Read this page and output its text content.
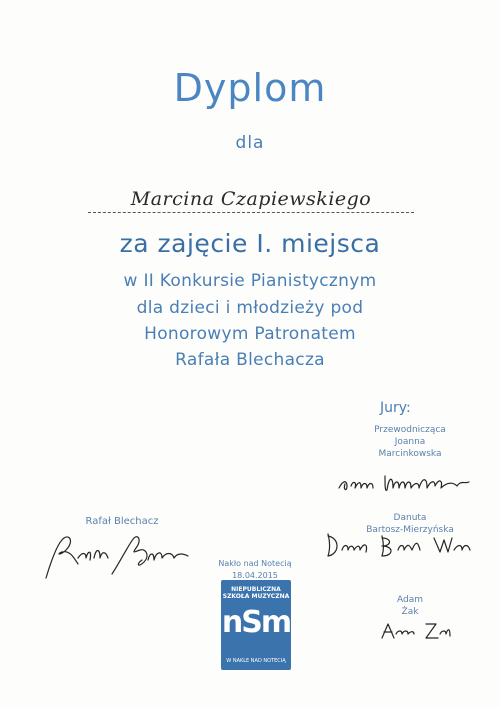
Dyplom
dla
Marcina Czapiewskiego
za zajęcie I. miejsca
w II Konkursie Pianistycznym
dla dzieci i młodzieży pod
Honorowym Patronatem
Rafała Blechacza
Jury:
Przewodnicząca
Joanna
Marcinkowska
Danuta
Bartosz-Mierzyńska
Adam
Żak
Rafał Blechacz
Nakło nad Notecią
18.04.2015
NIEPUBLICZNA
SZKOŁA MUZYCZNA
nSm
W NAKLE NAD NOTECIĄ
